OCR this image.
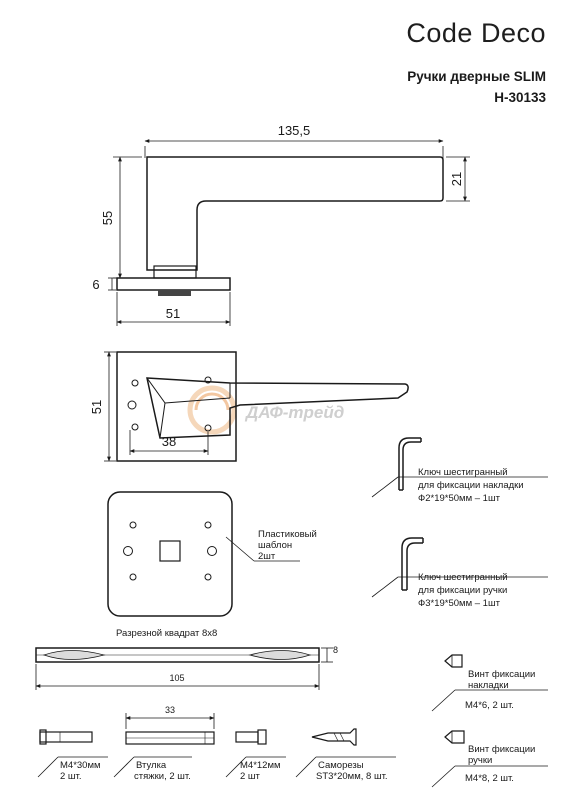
Code Deco
Ручки дверные SLIM
H-30133
ДАФ-трейд
135,5
55
6
21
51
51
38
Пластиковый
шаблон
2шт
Ключ шестигранный
для фиксации накладки
Ф2*19*50мм – 1шт
Ключ шестигранный
для фиксации ручки
Ф3*19*50мм – 1шт
Разрезной квадрат 8х8
8
105	Винт фиксации
накладки
М4*6, 2 шт.
М4*30мм
2 шт.
33
Втулка
стяжки, 2 шт.
М4*12мм
2 шт
Саморезы
ST3*20мм, 8 шт.
Винт фиксации
ручки
М4*8, 2 шт.
